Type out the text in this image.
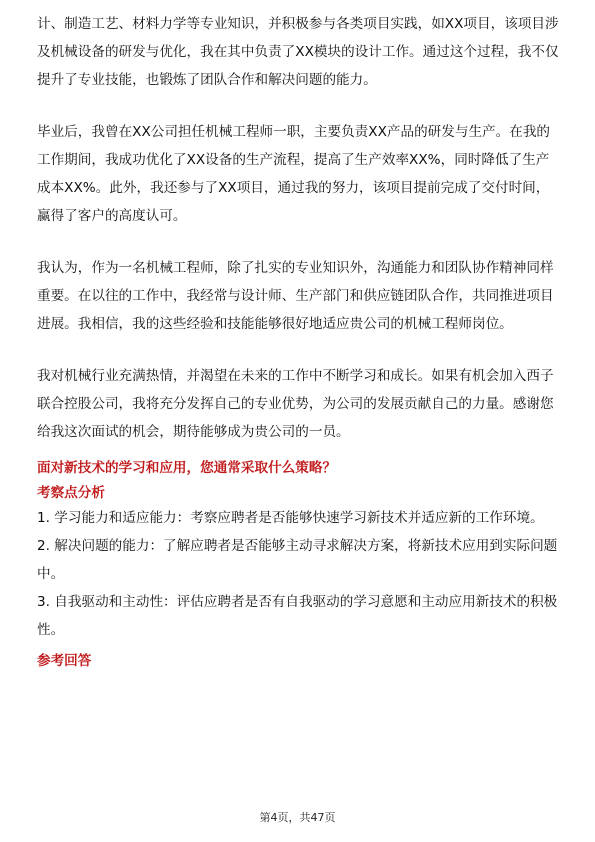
计、制造工艺、材料力学等专业知识，并积极参与各类项目实践，如XX项目，该项目涉及机械设备的研发与优化，我在其中负责了XX模块的设计工作。通过这个过程，我不仅提升了专业技能，也锻炼了团队合作和解决问题的能力。

毕业后，我曾在XX公司担任机械工程师一职，主要负责XX产品的研发与生产。在我的工作期间，我成功优化了XX设备的生产流程，提高了生产效率XX%，同时降低了生产成本XX%。此外，我还参与了XX项目，通过我的努力，该项目提前完成了交付时间，赢得了客户的高度认可。

我认为，作为一名机械工程师，除了扎实的专业知识外，沟通能力和团队协作精神同样重要。在以往的工作中，我经常与设计师、生产部门和供应链团队合作，共同推进项目进展。我相信，我的这些经验和技能能够很好地适应贵公司的机械工程师岗位。

我对机械行业充满热情，并渴望在未来的工作中不断学习和成长。如果有机会加入西子联合控股公司，我将充分发挥自己的专业优势，为公司的发展贡献自己的力量。感谢您给我这次面试的机会，期待能够成为贵公司的一员。

面对新技术的学习和应用，您通常采取什么策略？
考察点分析

1. 学习能力和适应能力：考察应聘者是否能够快速学习新技术并适应新的工作环境。

2. 解决问题的能力：了解应聘者是否能够主动寻求解决方案，将新技术应用到实际问题中。

3. 自我驱动和主动性：评估应聘者是否有自我驱动的学习意愿和主动应用新技术的积极性。

参考回答
第4页，共47页
